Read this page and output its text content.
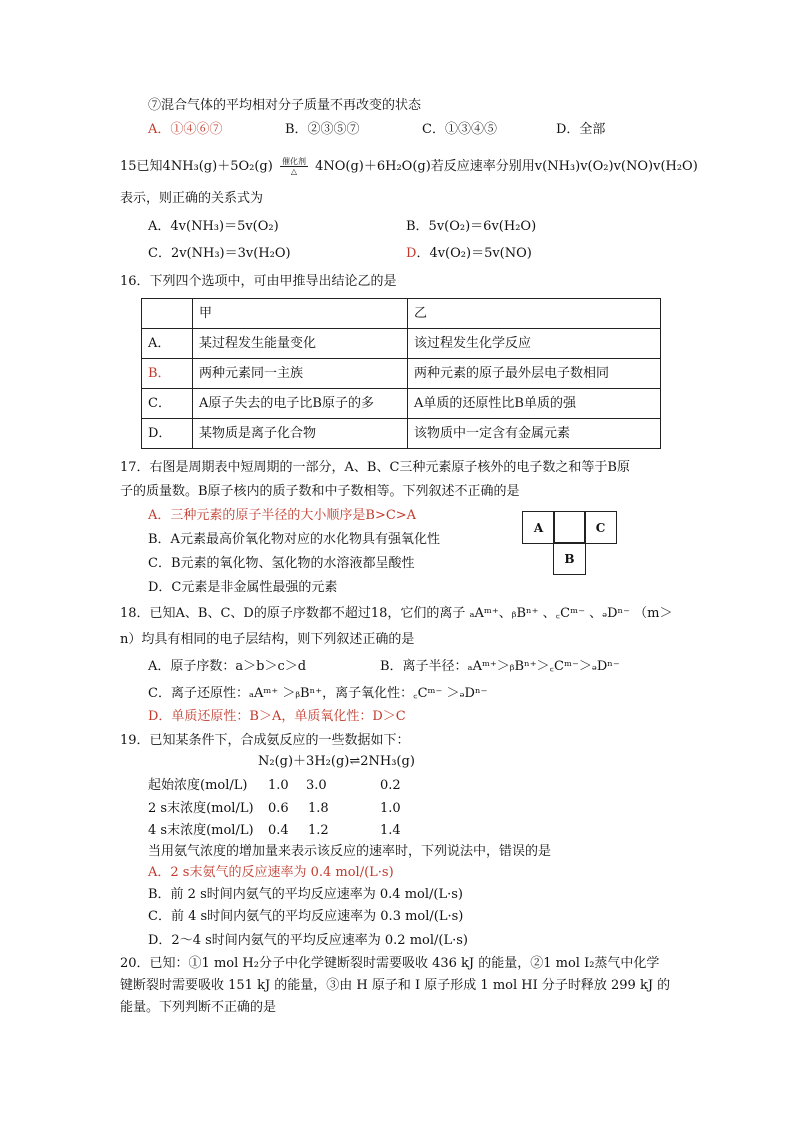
⑦混合气体的平均相对分子质量不再改变的状态
A．①④⑥⑦	B．②③⑤⑦	C．①③④⑤	D．全部
15已知4NH₃(g)＋5O₂(g) 催化剂
△	4NO(g)＋6H₂O(g)若反应速率分别用v(NH₃)v(O₂)v(NO)v(H₂O)
表示，则正确的关系式为
A．4v(NH₃)＝5v(O₂)	B．5v(O₂)＝6v(H₂O)
C．2v(NH₃)＝3v(H₂O)	D．4v(O₂)＝5v(NO)
16．下列四个选项中，可由甲推导出结论乙的是
	甲	乙
A．	某过程发生能量变化	该过程发生化学反应
B．	两种元素同一主族	两种元素的原子最外层电子数相同
C．	A原子失去的电子比B原子的多	A单质的还原性比B单质的强
D．	某物质是离子化合物	该物质中一定含有金属元素
17．右图是周期表中短周期的一部分，A、B、C三种元素原子核外的电子数之和等于B原
子的质量数。B原子核内的质子数和中子数相等。下列叙述不正确的是
A．三种元素的原子半径的大小顺序是B>C>A
B．A元素最高价氧化物对应的水化物具有强氧化性
C．B元素的氧化物、氢化物的水溶液都呈酸性
D．C元素是非金属性最强的元素
A	C
B
18．已知A、B、C、D的原子序数都不超过18，它们的离子 ₐAᵐ⁺、ᵦBⁿ⁺ 、꜀Cᵐ⁻ 、ₔDⁿ⁻ （m＞
n）均具有相同的电子层结构，则下列叙述正确的是
A．原子序数：a＞b＞c＞d	B．离子半径：ₐAᵐ⁺＞ᵦBⁿ⁺＞꜀Cᵐ⁻＞ₔDⁿ⁻
C．离子还原性：ₐAᵐ⁺ ＞ᵦBⁿ⁺，离子氧化性：꜀Cᵐ⁻ ＞ₔDⁿ⁻
D．单质还原性：B＞A，单质氧化性：D＞C
19．已知某条件下，合成氨反应的一些数据如下：
N₂(g)＋3H₂(g)⇌2NH₃(g)
起始浓度(mol/L) 1.0 3.0	0.2
2 s末浓度(mol/L) 0.6 1.8	1.0
4 s末浓度(mol/L) 0.4 1.2	1.4
当用氨气浓度的增加量来表示该反应的速率时，下列说法中，错误的是
A．2 s末氨气的反应速率为 0.4 mol/(L·s)
B．前 2 s时间内氨气的平均反应速率为 0.4 mol/(L·s)
C．前 4 s时间内氨气的平均反应速率为 0.3 mol/(L·s)
D．2～4 s时间内氨气的平均反应速率为 0.2 mol/(L·s)
20．已知：①1 mol H₂分子中化学键断裂时需要吸收 436 kJ 的能量，②1 mol I₂蒸气中化学
键断裂时需要吸收 151 kJ 的能量，③由 H 原子和 I 原子形成 1 mol HI 分子时释放 299 kJ 的
能量。下列判断不正确的是
